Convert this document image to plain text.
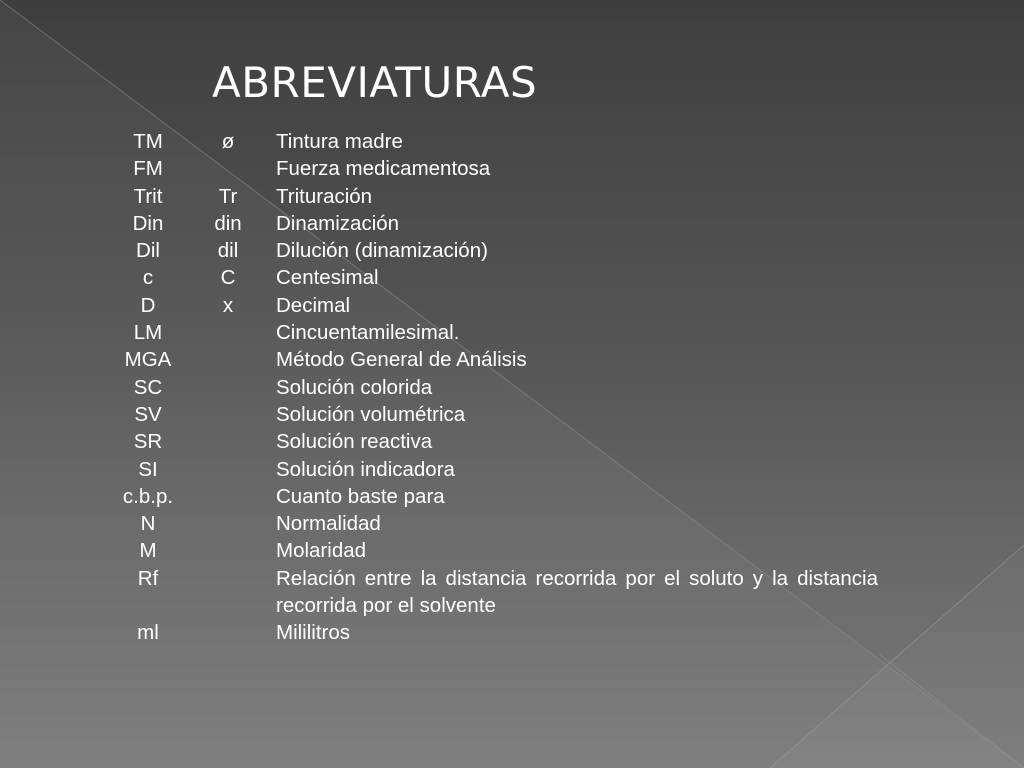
ABREVIATURAS
TM	ø	Tintura madre
FM		Fuerza medicamentosa
Trit	Tr	Trituración
Din	din	Dinamización
Dil	dil	Dilución (dinamización)
c	C	Centesimal
D	x	Decimal
LM		Cincuentamilesimal.
MGA		Método General de Análisis
SC		Solución colorida
SV		Solución volumétrica
SR		Solución reactiva
SI		Solución indicadora
c.b.p.		Cuanto baste para
N		Normalidad
M		Molaridad
Rf		Relación entre la distancia recorrida por el soluto y la distancia recorrida por el solvente
ml		Mililitros
